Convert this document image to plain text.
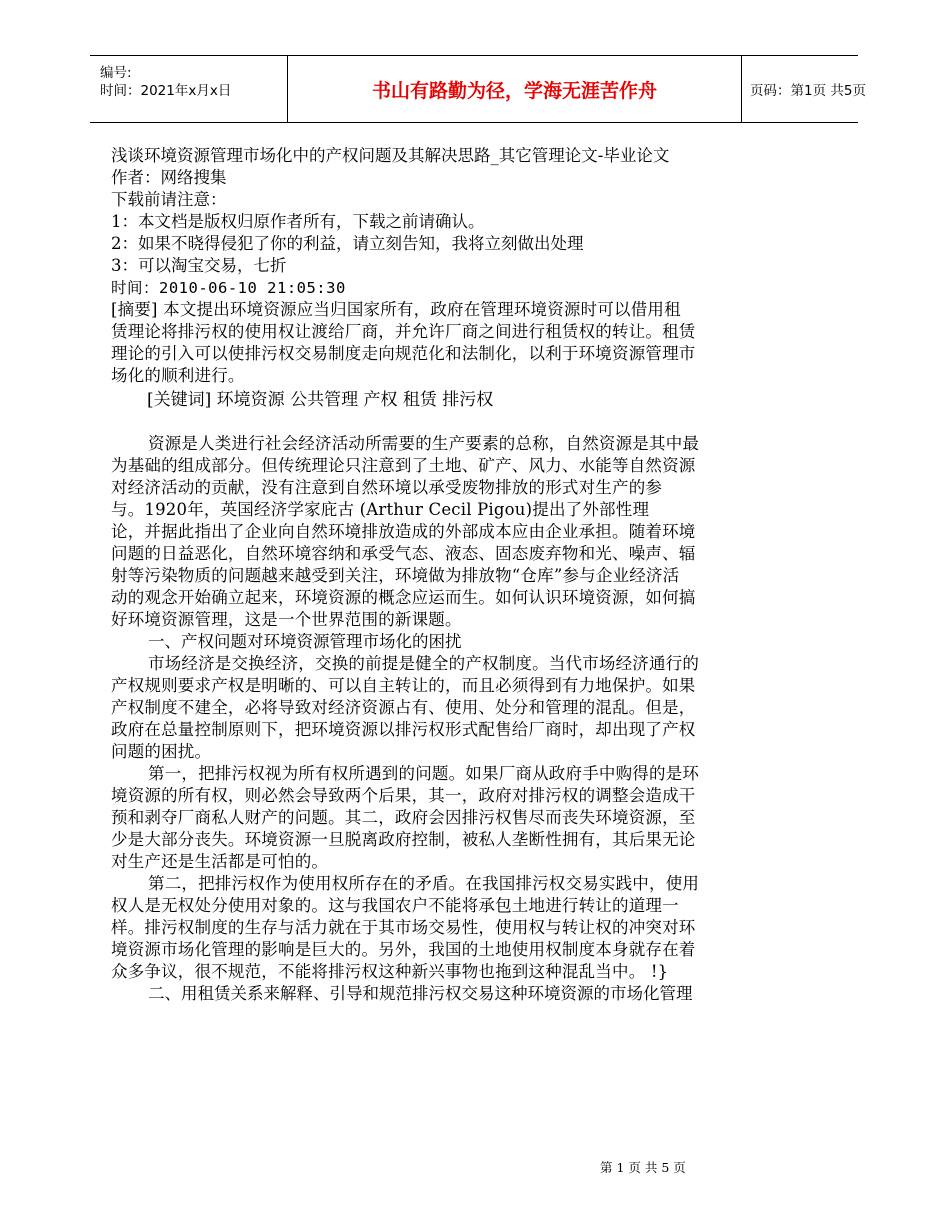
编号:
时间：2021年x月x日	书山有路勤为径，学海无涯苦作舟	页码：第1页 共5页
浅谈环境资源管理市场化中的产权问题及其解决思路_其它管理论文-毕业论文
作者：网络搜集
下载前请注意：
1：本文档是版权归原作者所有，下载之前请确认。
2：如果不晓得侵犯了你的利益，请立刻告知，我将立刻做出处理
3：可以淘宝交易，七折
时间：2010-06-10 21:05:30
[摘要] 本文提出环境资源应当归国家所有，政府在管理环境资源时可以借用租
赁理论将排污权的使用权让渡给厂商，并允许厂商之间进行租赁权的转让。租赁
理论的引入可以使排污权交易制度走向规范化和法制化，以利于环境资源管理市
场化的顺利进行。
[关键词] 环境资源 公共管理 产权 租赁 排污权
资源是人类进行社会经济活动所需要的生产要素的总称，自然资源是其中最
为基础的组成部分。但传统理论只注意到了土地、矿产、风力、水能等自然资源
对经济活动的贡献，没有注意到自然环境以承受废物排放的形式对生产的参
与。1920年，英国经济学家庇古 (Arthur Cecil Pigou)提出了外部性理
论，并据此指出了企业向自然环境排放造成的外部成本应由企业承担。随着环境
问题的日益恶化，自然环境容纳和承受气态、液态、固态废弃物和光、噪声、辐
射等污染物质的问题越来越受到关注，环境做为排放物“仓库”参与企业经济活
动的观念开始确立起来，环境资源的概念应运而生。如何认识环境资源，如何搞
好环境资源管理，这是一个世界范围的新课题。
一、产权问题对环境资源管理市场化的困扰
市场经济是交换经济，交换的前提是健全的产权制度。当代市场经济通行的
产权规则要求产权是明晰的、可以自主转让的，而且必须得到有力地保护。如果
产权制度不建全，必将导致对经济资源占有、使用、处分和管理的混乱。但是，
政府在总量控制原则下，把环境资源以排污权形式配售给厂商时，却出现了产权
问题的困扰。
第一，把排污权视为所有权所遇到的问题。如果厂商从政府手中购得的是环
境资源的所有权，则必然会导致两个后果，其一，政府对排污权的调整会造成干
预和剥夺厂商私人财产的问题。其二，政府会因排污权售尽而丧失环境资源，至
少是大部分丧失。环境资源一旦脱离政府控制，被私人垄断性拥有，其后果无论
对生产还是生活都是可怕的。
第二，把排污权作为使用权所存在的矛盾。在我国排污权交易实践中，使用
权人是无权处分使用对象的。这与我国农户不能将承包土地进行转让的道理一
样。排污权制度的生存与活力就在于其市场交易性，使用权与转让权的冲突对环
境资源市场化管理的影响是巨大的。另外，我国的土地使用权制度本身就存在着
众多争议，很不规范，不能将排污权这种新兴事物也拖到这种混乱当中。 !}
二、用租赁关系来解释、引导和规范排污权交易这种环境资源的市场化管理
第 1 页 共 5 页
